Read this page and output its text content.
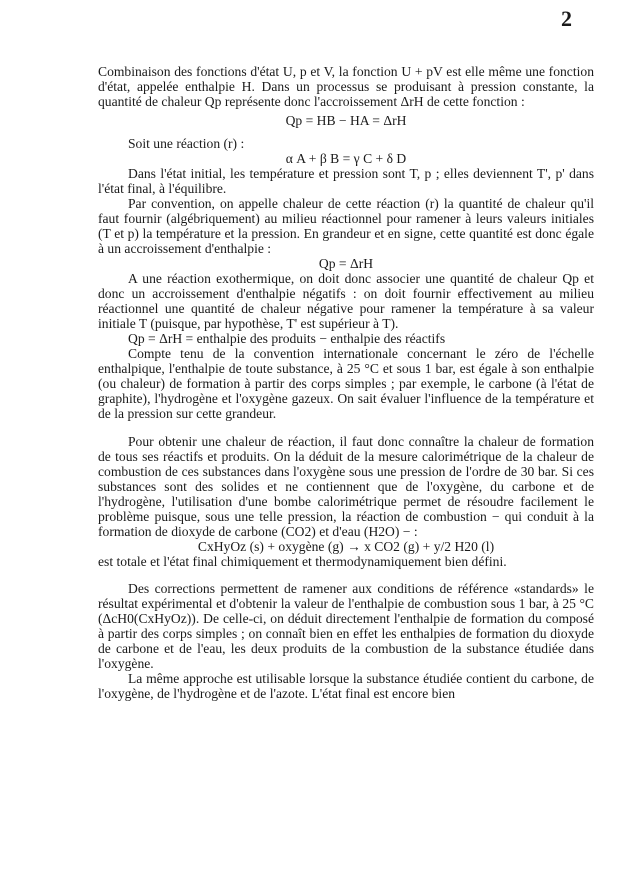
2

Combinaison des fonctions d'état U, p et V, la fonction U + pV est elle même une fonction d'état, appelée enthalpie H. Dans un processus se produisant à pression constante, la quantité de chaleur Qp représente donc l'accroissement ΔrH de cette fonction :

Qp = HB − HA = ΔrH

Soit une réaction (r) :

α A + β B = γ C + δ D

Dans l'état initial, les température et pression sont T, p ; elles deviennent T', p' dans l'état final, à l'équilibre.

Par convention, on appelle chaleur de cette réaction (r) la quantité de chaleur qu'il faut fournir (algébriquement) au milieu réactionnel pour ramener à leurs valeurs initiales (T et p) la température et la pression. En grandeur et en signe, cette quantité est donc égale à un accroissement d'enthalpie :

Qp = ΔrH

A une réaction exothermique, on doit donc associer une quantité de chaleur Qp et donc un accroissement d'enthalpie négatifs : on doit fournir effectivement au milieu réactionnel une quantité de chaleur négative pour ramener la température à sa valeur initiale T (puisque, par hypothèse, T' est supérieur à T).

Qp = ΔrH = enthalpie des produits − enthalpie des réactifs

Compte tenu de la convention internationale concernant le zéro de l'échelle enthalpique, l'enthalpie de toute substance, à 25 °C et sous 1 bar, est égale à son enthalpie (ou chaleur) de formation à partir des corps simples ; par exemple, le carbone (à l'état de graphite), l'hydrogène et l'oxygène gazeux. On sait évaluer l'influence de la température et de la pression sur cette grandeur.

Pour obtenir une chaleur de réaction, il faut donc connaître la chaleur de formation de tous ses réactifs et produits. On la déduit de la mesure calorimétrique de la chaleur de combustion de ces substances dans l'oxygène sous une pression de l'ordre de 30 bar. Si ces substances sont des solides et ne contiennent que de l'oxygène, du carbone et de l'hydrogène, l'utilisation d'une bombe calorimétrique permet de résoudre facilement le problème puisque, sous une telle pression, la réaction de combustion − qui conduit à la formation de dioxyde de carbone (CO2) et d'eau (H2O) − :

CxHyOz (s) + oxygène (g) → x CO2 (g) + y/2 H20 (l)

est totale et l'état final chimiquement et thermodynamiquement bien défini.

Des corrections permettent de ramener aux conditions de référence «standards» le résultat expérimental et d'obtenir la valeur de l'enthalpie de combustion sous 1 bar, à 25 °C (ΔcH0(CxHyOz)). De celle-ci, on déduit directement l'enthalpie de formation du composé à partir des corps simples ; on connaît bien en effet les enthalpies de formation du dioxyde de carbone et de l'eau, les deux produits de la combustion de la substance étudiée dans l'oxygène.

La même approche est utilisable lorsque la substance étudiée contient du carbone, de l'oxygène, de l'hydrogène et de l'azote. L'état final est encore bien
